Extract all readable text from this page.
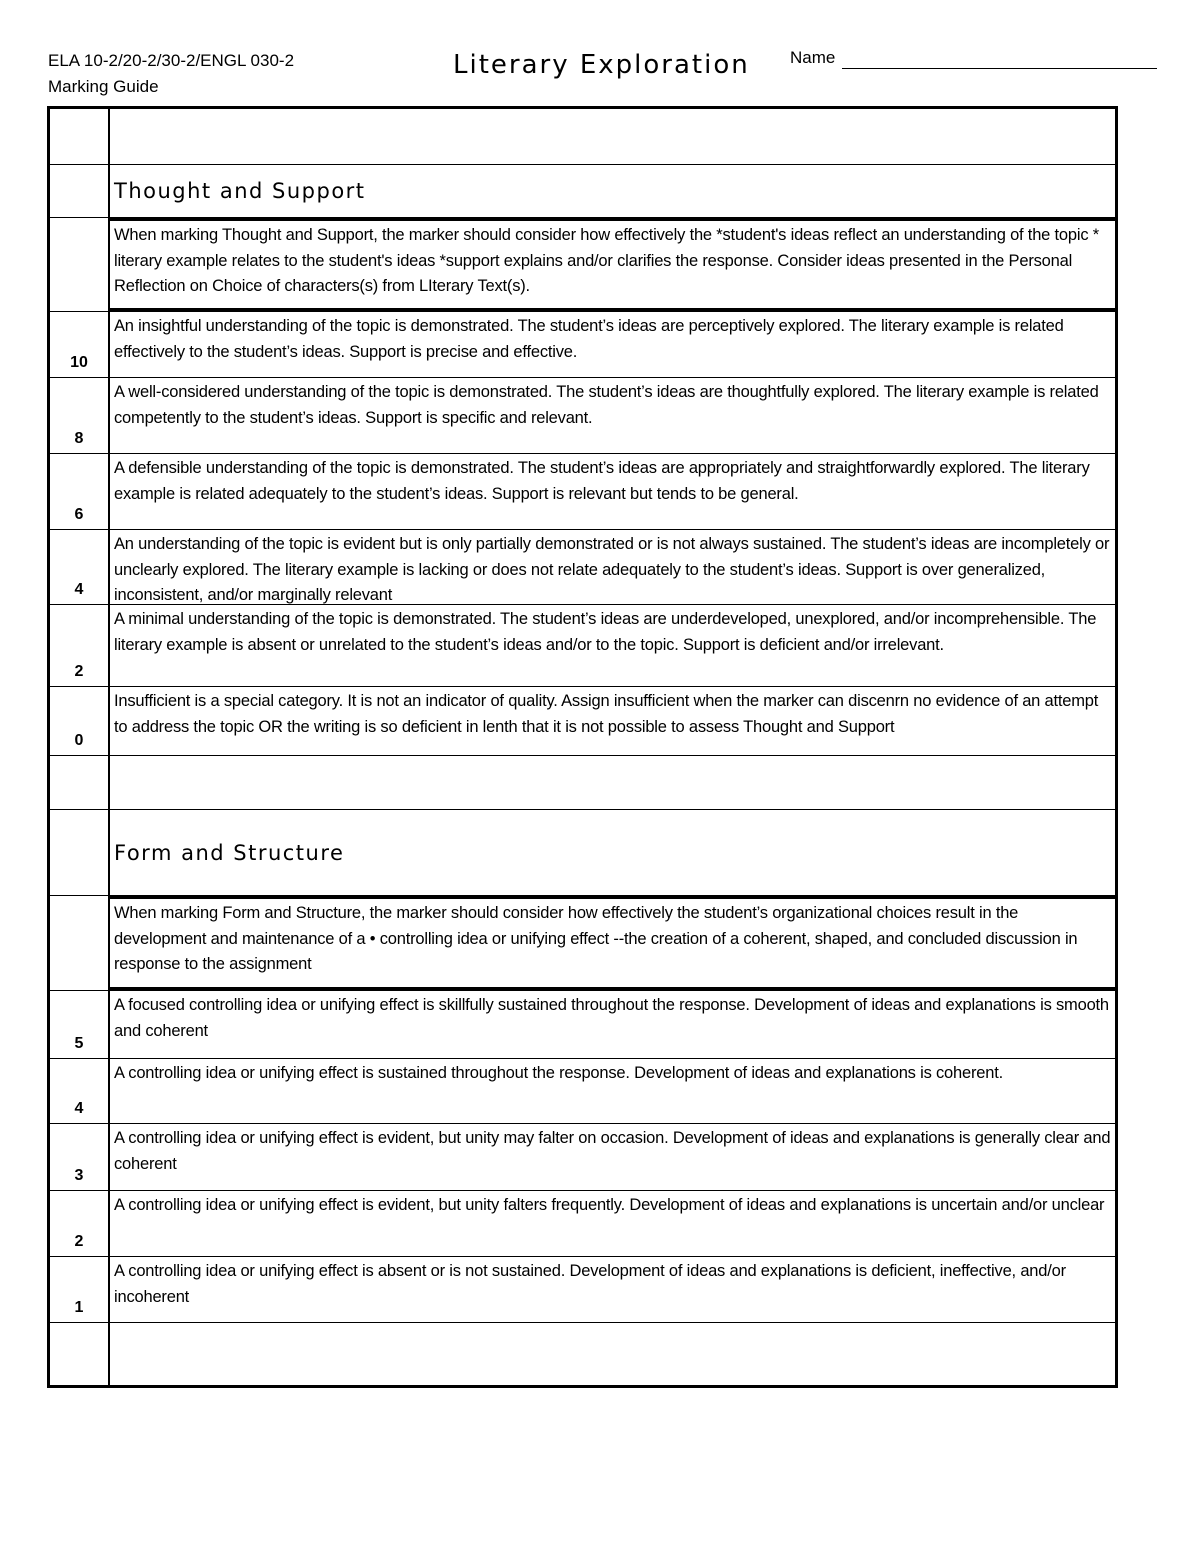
ELA 10-2/20-2/30-2/ENGL 030-2
Marking Guide
Literary Exploration Name
Thought and Support
When marking Thought and Support, the marker should consider how effectively the *student's ideas reflect an understanding of the topic * literary example relates to the student's ideas *support explains and/or clarifies the response. Consider ideas presented in the Personal Reflection on Choice of characters(s) from LIterary Text(s).
10
An insightful understanding of the topic is demonstrated. The student’s ideas are perceptively explored. The literary example is related effectively to the student’s ideas. Support is precise and effective.
8
A well-considered understanding of the topic is demonstrated. The student’s ideas are thoughtfully explored. The literary example is related competently to the student’s ideas. Support is specific and relevant.
6
A defensible understanding of the topic is demonstrated. The student’s ideas are appropriately and straightforwardly explored. The literary example is related adequately to the student’s ideas. Support is relevant but tends to be general.
4
An understanding of the topic is evident but is only partially demonstrated or is not always sustained. The student’s ideas are incompletely or unclearly explored. The literary example is lacking or does not relate adequately to the student’s ideas. Support is over generalized, inconsistent, and/or marginally relevant
2
A minimal understanding of the topic is demonstrated. The student’s ideas are underdeveloped, unexplored, and/or incomprehensible. The literary example is absent or unrelated to the student’s ideas and/or to the topic. Support is deficient and/or irrelevant.
0
Insufficient is a special category. It is not an indicator of quality. Assign insufficient when the marker can discenrn no evidence of an attempt to address the topic OR the writing is so deficient in lenth that it is not possible to assess Thought and Support
Form and Structure
When marking Form and Structure, the marker should consider how effectively the student’s organizational choices result in the development and maintenance of a • controlling idea or unifying effect --the creation of a coherent, shaped, and concluded discussion in response to the assignment
5
A focused controlling idea or unifying effect is skillfully sustained throughout the response. Development of ideas and explanations is smooth and coherent
4
A controlling idea or unifying effect is sustained throughout the response. Development of ideas and explanations is coherent.
3
A controlling idea or unifying effect is evident, but unity may falter on occasion. Development of ideas and explanations is generally clear and coherent
2
A controlling idea or unifying effect is evident, but unity falters frequently. Development of ideas and explanations is uncertain and/or unclear
1
A controlling idea or unifying effect is absent or is not sustained. Development of ideas and explanations is deficient, ineffective, and/or incoherent
